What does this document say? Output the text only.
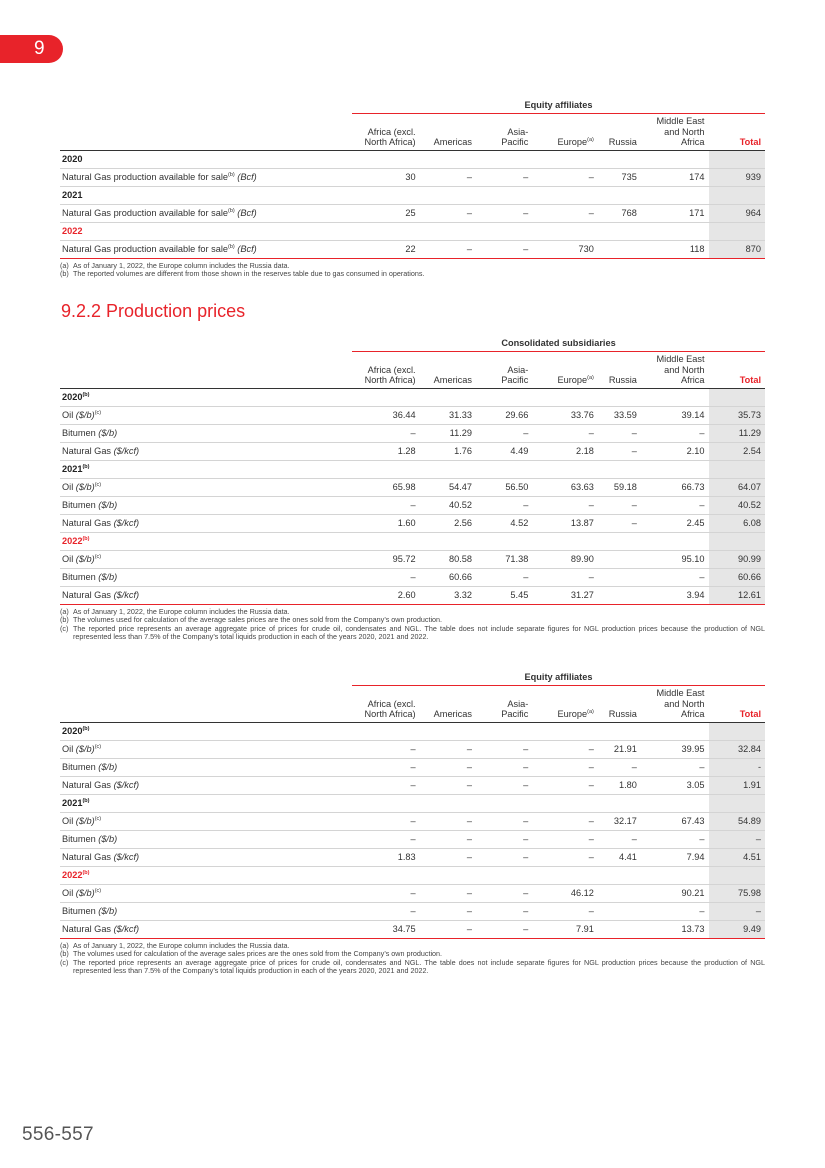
9
	Equity affiliates						
	Africa (excl.
North Africa)	Americas	Asia-
Pacific	Europe$^{(a)}$	Russia	Middle East
and North
Africa	Total
2020							
Natural Gas production available for sale$^{(b)}$ (Bcf)	30	–	–	–	735	174	939
2021							
Natural Gas production available for sale$^{(b)}$ (Bcf)	25	–	–	–	768	171	964
2022							
Natural Gas production available for sale$^{(b)}$ (Bcf)	22	–	–	730		118	870
(a) As of January 1, 2022, the Europe column includes the Russia data.
(b) The reported volumes are different from those shown in the reserves table due to gas consumed in operations.
9.2.2 Production prices
	Consolidated subsidiaries						
	Africa (excl.
North Africa)	Americas	Asia-
Pacific	Europe$^{(a)}$	Russia	Middle East
and North
Africa	Total
2020$^{(b)}$							
Oil ($/b)$^{(c)}$	36.44	31.33	29.66	33.76	33.59	39.14	35.73
Bitumen ($/b)	–	11.29	–	–	–	–	11.29
Natural Gas ($/kcf)	1.28	1.76	4.49	2.18	–	2.10	2.54
2021$^{(b)}$							
Oil ($/b)$^{(c)}$	65.98	54.47	56.50	63.63	59.18	66.73	64.07
Bitumen ($/b)	–	40.52	–	–	–	–	40.52
Natural Gas ($/kcf)	1.60	2.56	4.52	13.87	–	2.45	6.08
2022$^{(b)}$							
Oil ($/b)$^{(c)}$	95.72	80.58	71.38	89.90		95.10	90.99
Bitumen ($/b)	–	60.66	–	–		–	60.66
Natural Gas ($/kcf)	2.60	3.32	5.45	31.27		3.94	12.61
(a) As of January 1, 2022, the Europe column includes the Russia data.
(b) The volumes used for calculation of the average sales prices are the ones sold from the Company’s own production.
(c) The reported price represents an average aggregate price of prices for crude oil, condensates and NGL. The table does not include separate figures for NGL production prices because the production of NGL represented less than 7.5% of the Company’s total liquids production in each of the years 2020, 2021 and 2022.
	Equity affiliates						
	Africa (excl.
North Africa)	Americas	Asia-
Pacific	Europe$^{(a)}$	Russia	Middle East
and North
Africa	Total
2020$^{(b)}$							
Oil ($/b)$^{(c)}$	–	–	–	–	21.91	39.95	32.84
Bitumen ($/b)	–	–	–	–	–	–	-
Natural Gas ($/kcf)	–	–	–	–	1.80	3.05	1.91
2021$^{(b)}$							
Oil ($/b)$^{(c)}$	–	–	–	–	32.17	67.43	54.89
Bitumen ($/b)	–	–	–	–	–	–	–
Natural Gas ($/kcf)	1.83	–	–	–	4.41	7.94	4.51
2022$^{(b)}$							
Oil ($/b)$^{(c)}$	–	–	–	46.12		90.21	75.98
Bitumen ($/b)	–	–	–	–		–	–
Natural Gas ($/kcf)	34.75	–	–	7.91		13.73	9.49
(a) As of January 1, 2022, the Europe column includes the Russia data.
(b) The volumes used for calculation of the average sales prices are the ones sold from the Company’s own production.
(c) The reported price represents an average aggregate price of prices for crude oil, condensates and NGL. The table does not include separate figures for NGL production prices because the production of NGL represented less than 7.5% of the Company’s total liquids production in each of the years 2020, 2021 and 2022.
556-557
